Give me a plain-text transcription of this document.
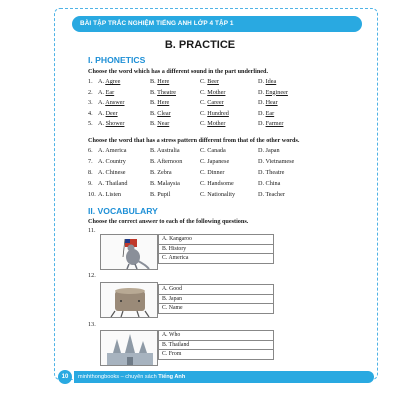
BÀI TẬP TRẮC NGHIỆM TIẾNG ANH LỚP 4 TẬP 1
B. PRACTICE
I. PHONETICS
Choose the word which has a different sound in the part underlined.
1. A. Agree	B. Here	C. Beer	D. Idea
2. A. Ear	B. Theatre	C. Mother	D. Engineer
3. A. Answer	B. Here	C. Career	D. Hear
4. A. Deer	B. Clear	C. Hundred	D. Ear
5. A. Shower	B. Near	C. Mother	D. Farmer
Choose the word that has a stress pattern different from that of the other words.
6. A. America	B. Australia	C. Canada	D. Japan
7. A. Country	B. Afternoon	C. Japanese	D. Vietnamese
8. A. Chinese	B. Zebra	C. Dinner	D. Theatre
9. A. Thailand	B. Malaysia	C. Handsome	D. China
10. A. Listen	B. Pupil	C. Nationality	D. Teacher
II. VOCABULARY
Choose the correct answer to each of the following questions.
11.
A. Kangaroo
B. History
C. America
12.
A. Good
B. Japan
C. Name
13.
A. Who
B. Thailand
C. From
minhthongbooks – chuyên sách Tiếng Anh
10
